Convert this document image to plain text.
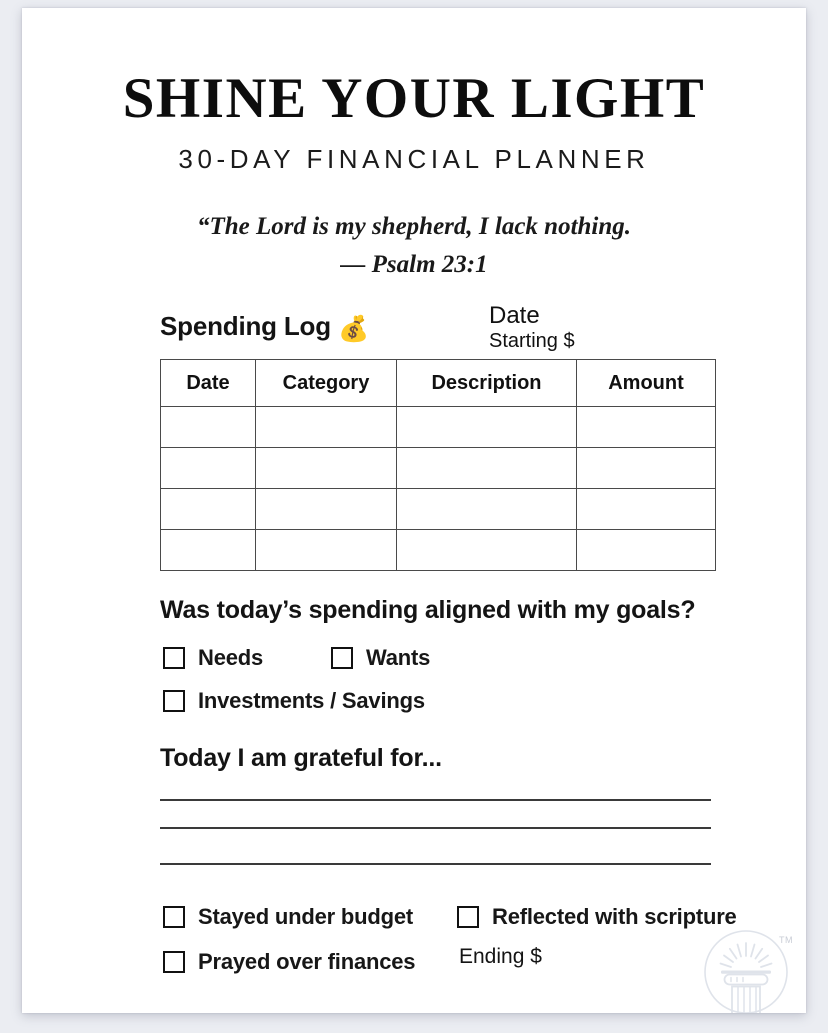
SHINE YOUR LIGHT
30-DAY FINANCIAL PLANNER
“The Lord is my shepherd, I lack nothing.
— Psalm 23:1
Spending Log 💰	Date
Starting $
Date	Category	Description	Amount

Was today’s spending aligned with my goals?
Needs	Wants
Investments / Savings
Today I am grateful for...
Stayed under budget	Reflected with scripture
Prayed over finances Ending $
TM
